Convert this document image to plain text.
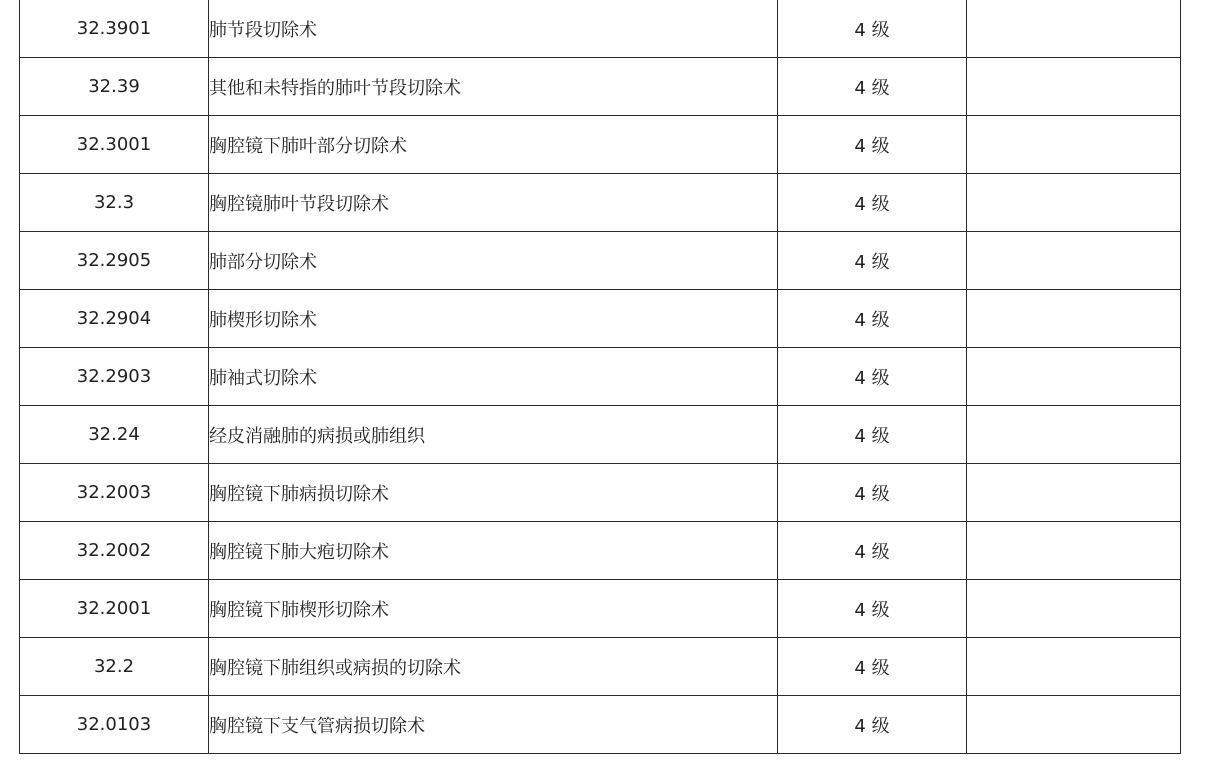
32.3901	肺节段切除术	4 级	
32.39	其他和未特指的肺叶节段切除术	4 级	
32.3001	胸腔镜下肺叶部分切除术	4 级	
32.3	胸腔镜肺叶节段切除术	4 级	
32.2905	肺部分切除术	4 级	
32.2904	肺楔形切除术	4 级	
32.2903	肺袖式切除术	4 级	
32.24	经皮消融肺的病损或肺组织	4 级	
32.2003	胸腔镜下肺病损切除术	4 级	
32.2002	胸腔镜下肺大疱切除术	4 级	
32.2001	胸腔镜下肺楔形切除术	4 级	
32.2	胸腔镜下肺组织或病损的切除术	4 级	
32.0103	胸腔镜下支气管病损切除术	4 级	
